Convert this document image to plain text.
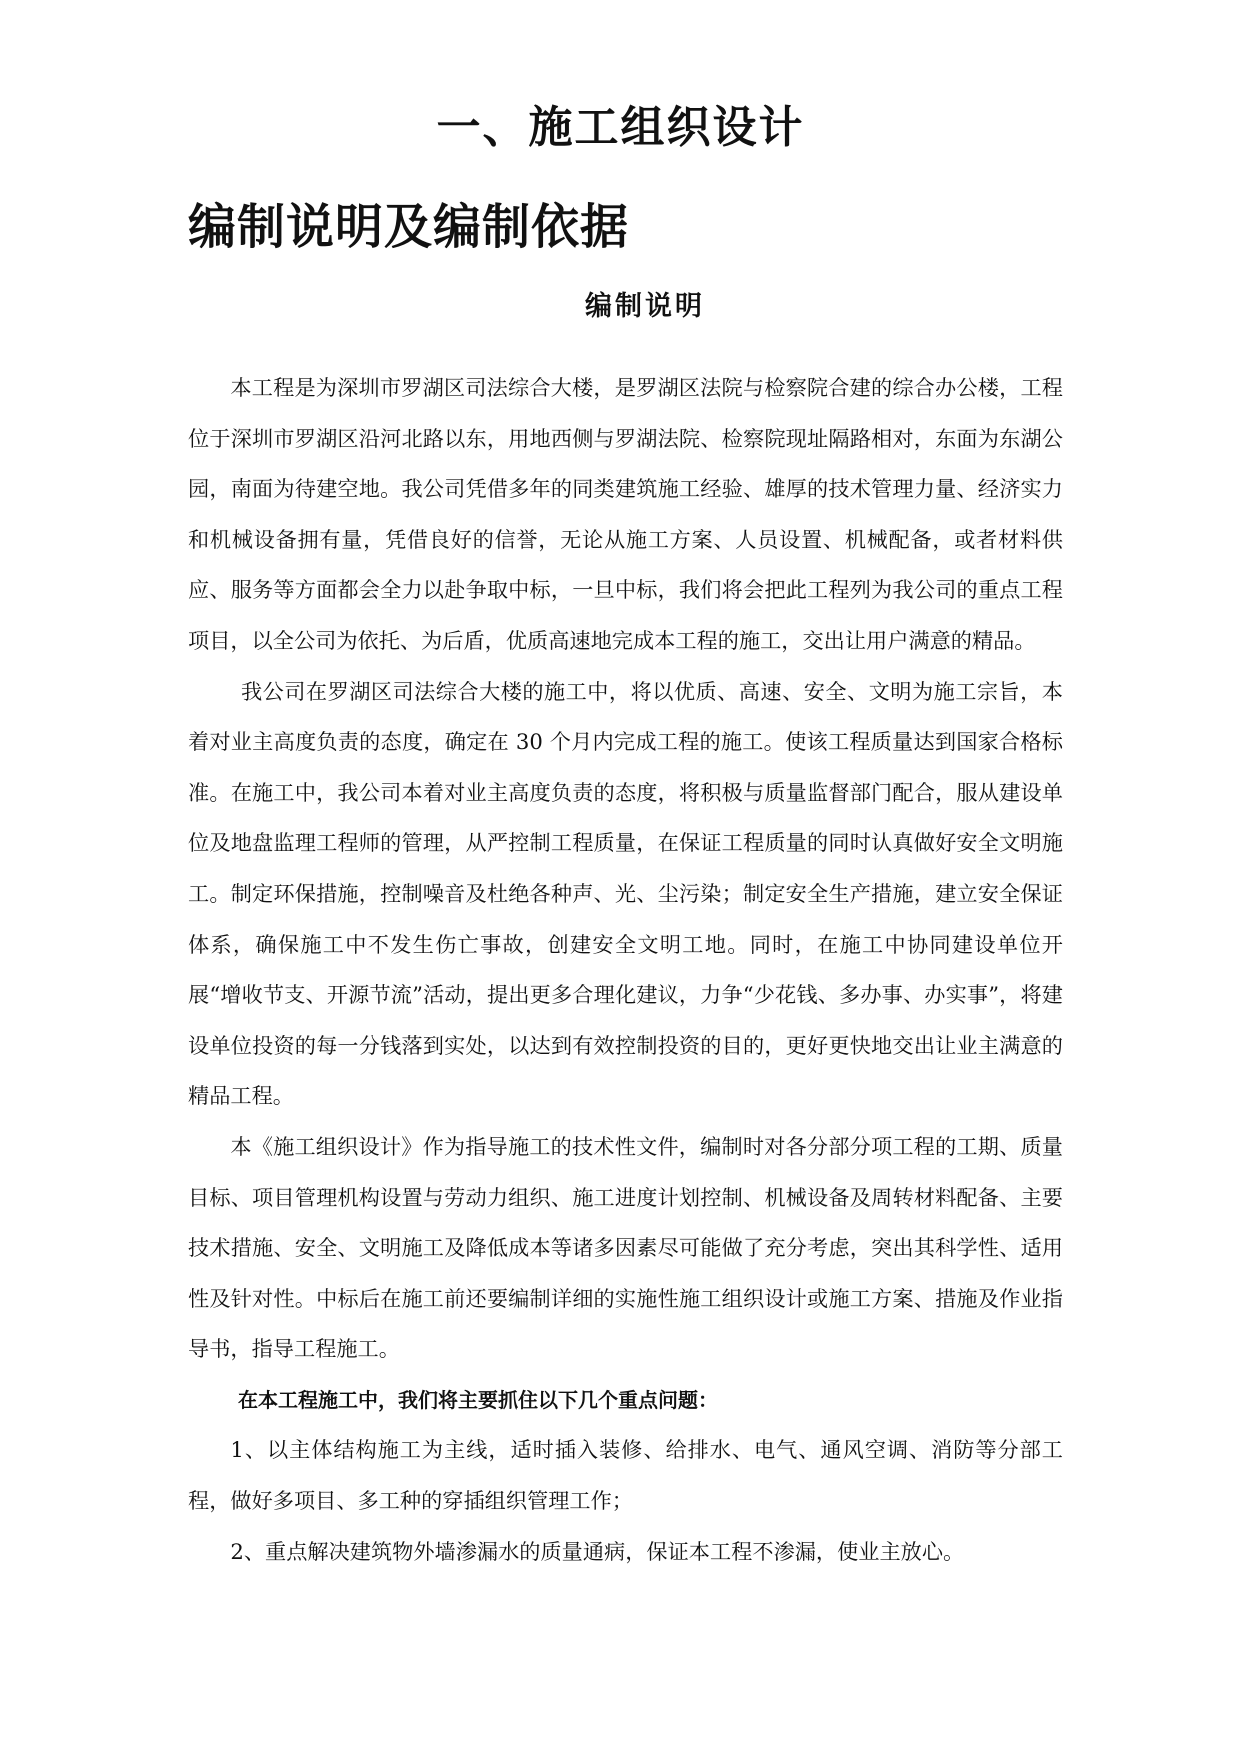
一、施工组织设计
编制说明及编制依据
编制说明

本工程是为深圳市罗湖区司法综合大楼，是罗湖区法院与检察院合建的综合办公楼，工程位于深圳市罗湖区沿河北路以东，用地西侧与罗湖法院、检察院现址隔路相对，东面为东湖公园，南面为待建空地。我公司凭借多年的同类建筑施工经验、雄厚的技术管理力量、经济实力和机械设备拥有量，凭借良好的信誉，无论从施工方案、人员设置、机械配备，或者材料供应、服务等方面都会全力以赴争取中标，一旦中标，我们将会把此工程列为我公司的重点工程项目，以全公司为依托、为后盾，优质高速地完成本工程的施工，交出让用户满意的精品。

我公司在罗湖区司法综合大楼的施工中，将以优质、高速、安全、文明为施工宗旨，本着对业主高度负责的态度，确定在 30 个月内完成工程的施工。使该工程质量达到国家合格标准。在施工中，我公司本着对业主高度负责的态度，将积极与质量监督部门配合，服从建设单位及地盘监理工程师的管理，从严控制工程质量，在保证工程质量的同时认真做好安全文明施工。制定环保措施，控制噪音及杜绝各种声、光、尘污染；制定安全生产措施，建立安全保证体系，确保施工中不发生伤亡事故，创建安全文明工地。同时，在施工中协同建设单位开展“增收节支、开源节流”活动，提出更多合理化建议，力争“少花钱、多办事、办实事”，将建设单位投资的每一分钱落到实处，以达到有效控制投资的目的，更好更快地交出让业主满意的精品工程。

本《施工组织设计》作为指导施工的技术性文件，编制时对各分部分项工程的工期、质量目标、项目管理机构设置与劳动力组织、施工进度计划控制、机械设备及周转材料配备、主要技术措施、安全、文明施工及降低成本等诸多因素尽可能做了充分考虑，突出其科学性、适用性及针对性。中标后在施工前还要编制详细的实施性施工组织设计或施工方案、措施及作业指导书，指导工程施工。

在本工程施工中，我们将主要抓住以下几个重点问题：

1、以主体结构施工为主线，适时插入装修、给排水、电气、通风空调、消防等分部工程，做好多项目、多工种的穿插组织管理工作；

2、重点解决建筑物外墙渗漏水的质量通病，保证本工程不渗漏，使业主放心。
